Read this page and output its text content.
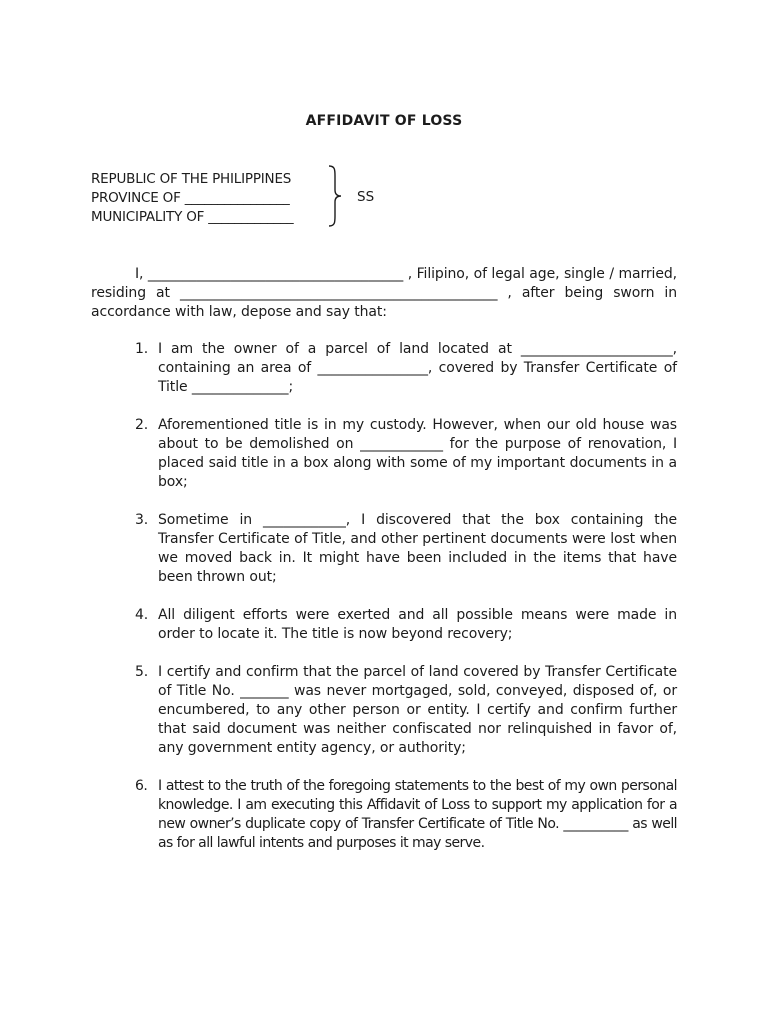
AFFIDAVIT OF LOSS
REPUBLIC OF THE PHILIPPINES
PROVINCE OF ________________
MUNICIPALITY OF _____________
SS
I, _____________________________________ , Filipino, of legal age, single / married, residing at ______________________________________________ , after being sworn in accordance with law, depose and say that:
1. I am the owner of a parcel of land located at ______________________, containing an area of ________________, covered by Transfer Certificate of Title ______________;
2. Aforementioned title is in my custody. However, when our old house was about to be demolished on ____________ for the purpose of renovation, I placed said title in a box along with some of my important documents in a box;
3. Sometime in ____________, I discovered that the box containing the Transfer Certificate of Title, and other pertinent documents were lost when we moved back in. It might have been included in the items that have been thrown out;
4. All diligent efforts were exerted and all possible means were made in order to locate it. The title is now beyond recovery;
5. I certify and confirm that the parcel of land covered by Transfer Certificate of Title No. _______ was never mortgaged, sold, conveyed, disposed of, or encumbered, to any other person or entity. I certify and confirm further that said document was neither confiscated nor relinquished in favor of, any government entity agency, or authority;
6. I attest to the truth of the foregoing statements to the best of my own personal knowledge. I am executing this Affidavit of Loss to support my application for a new owner’s duplicate copy of Transfer Certificate of Title No. __________ as well as for all lawful intents and purposes it may serve.
